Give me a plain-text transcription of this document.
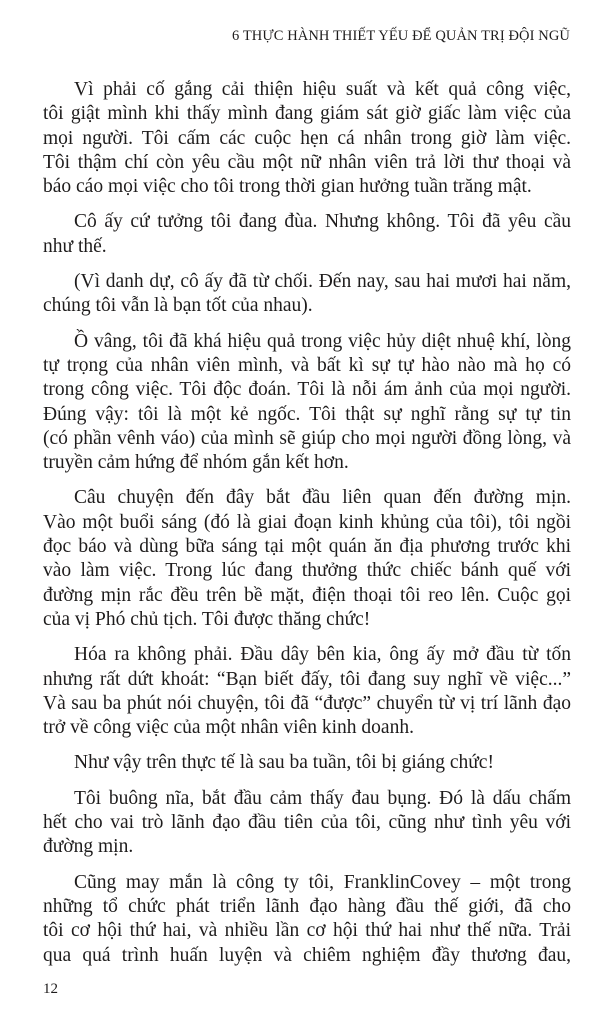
6 THỰC HÀNH THIẾT YẾU ĐỂ QUẢN TRỊ ĐỘI NGŨ
Vì phải cố gắng cải thiện hiệu suất và kết quả công việc,
tôi giật mình khi thấy mình đang giám sát giờ giấc làm việc của
mọi người. Tôi cấm các cuộc hẹn cá nhân trong giờ làm việc.
Tôi thậm chí còn yêu cầu một nữ nhân viên trả lời thư thoại và
báo cáo mọi việc cho tôi trong thời gian hưởng tuần trăng mật.
Cô ấy cứ tưởng tôi đang đùa. Nhưng không. Tôi đã yêu cầu
như thế.
(Vì danh dự, cô ấy đã từ chối. Đến nay, sau hai mươi hai năm,
chúng tôi vẫn là bạn tốt của nhau).
Ồ vâng, tôi đã khá hiệu quả trong việc hủy diệt nhuệ khí, lòng
tự trọng của nhân viên mình, và bất kì sự tự hào nào mà họ có
trong công việc. Tôi độc đoán. Tôi là nỗi ám ảnh của mọi người.
Đúng vậy: tôi là một kẻ ngốc. Tôi thật sự nghĩ rằng sự tự tin
(có phần vênh váo) của mình sẽ giúp cho mọi người đồng lòng, và
truyền cảm hứng để nhóm gắn kết hơn.
Câu chuyện đến đây bắt đầu liên quan đến đường mịn.
Vào một buổi sáng (đó là giai đoạn kinh khủng của tôi), tôi ngồi
đọc báo và dùng bữa sáng tại một quán ăn địa phương trước khi
vào làm việc. Trong lúc đang thưởng thức chiếc bánh quế với
đường mịn rắc đều trên bề mặt, điện thoại tôi reo lên. Cuộc gọi
của vị Phó chủ tịch. Tôi được thăng chức!
Hóa ra không phải. Đầu dây bên kia, ông ấy mở đầu từ tốn
nhưng rất dứt khoát: “Bạn biết đấy, tôi đang suy nghĩ về việc...”
Và sau ba phút nói chuyện, tôi đã “được” chuyển từ vị trí lãnh đạo
trở về công việc của một nhân viên kinh doanh.
Như vậy trên thực tế là sau ba tuần, tôi bị giáng chức!
Tôi buông nĩa, bắt đầu cảm thấy đau bụng. Đó là dấu chấm
hết cho vai trò lãnh đạo đầu tiên của tôi, cũng như tình yêu với
đường mịn.
Cũng may mắn là công ty tôi, FranklinCovey – một trong
những tổ chức phát triển lãnh đạo hàng đầu thế giới, đã cho
tôi cơ hội thứ hai, và nhiều lần cơ hội thứ hai như thế nữa. Trải
qua quá trình huấn luyện và chiêm nghiệm đầy thương đau,
12
